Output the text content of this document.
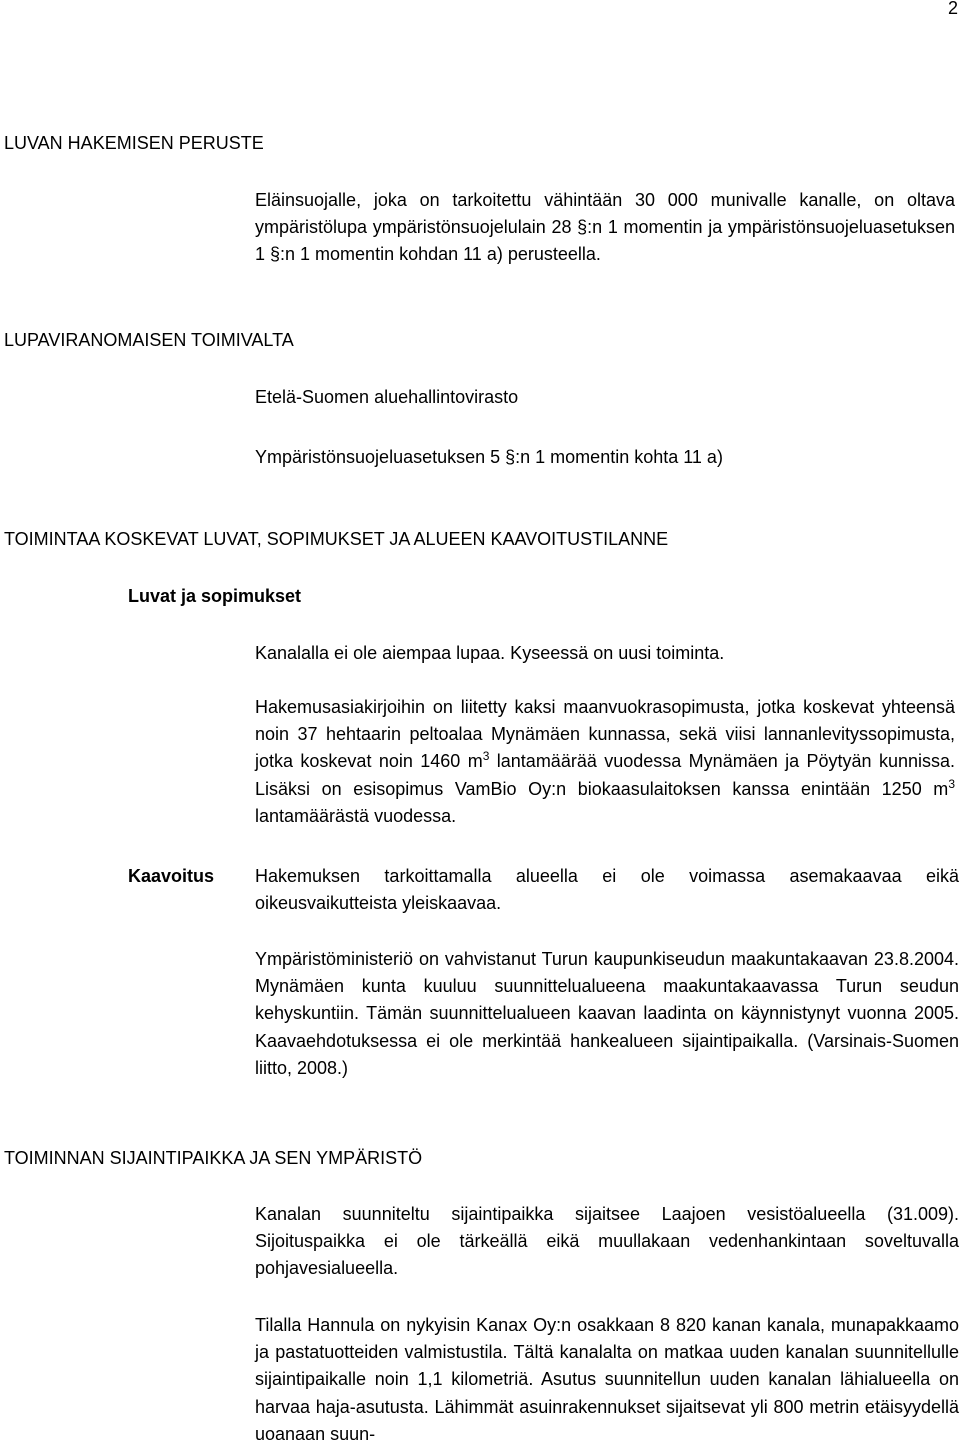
2
LUVAN HAKEMISEN PERUSTE

Eläinsuojalle, joka on tarkoitettu vähintään 30 000 munivalle kanalle, on oltava ympäristölupa ympäristönsuojelulain 28 §:n 1 momentin ja ympäristönsuojeluasetuksen 1 §:n 1 momentin kohdan 11 a) perusteella.

LUPAVIRANOMAISEN TOIMIVALTA

Etelä-Suomen aluehallintovirasto

Ympäristönsuojeluasetuksen 5 §:n 1 momentin kohta 11 a)

TOIMINTAA KOSKEVAT LUVAT, SOPIMUKSET JA ALUEEN KAAVOITUSTILANNE
Luvat ja sopimukset

Kanalalla ei ole aiempaa lupaa. Kyseessä on uusi toiminta.

Hakemusasiakirjoihin on liitetty kaksi maanvuokrasopimusta, jotka koskevat yhteensä noin 37 hehtaarin peltoalaa Mynämäen kunnassa, sekä viisi lannanlevityssopimusta, jotka koskevat noin 1460 $m^3$ lantamäärää vuodessa Mynämäen ja Pöytyän kunnissa. Lisäksi on esisopimus VamBio Oy:n biokaasulaitoksen kanssa enintään 1250 $m^3$ lantamäärästä vuodessa.

Kaavoitus Hakemuksen tarkoittamalla alueella ei ole voimassa asemakaavaa eikä oikeusvaikutteista yleiskaavaa.

Ympäristöministeriö on vahvistanut Turun kaupunkiseudun maakuntakaavan 23.8.2004. Mynämäen kunta kuuluu suunnittelualueena maakuntakaavassa Turun seudun kehyskuntiin. Tämän suunnittelualueen kaavan laadinta on käynnistynyt vuonna 2005. Kaavaehdotuksessa ei ole merkintää hankealueen sijaintipaikalla. (Varsinais-Suomen liitto, 2008.)

TOIMINNAN SIJAINTIPAIKKA JA SEN YMPÄRISTÖ

Kanalan suunniteltu sijaintipaikka sijaitsee Laajoen vesistöalueella (31.009). Sijoituspaikka ei ole tärkeällä eikä muullakaan vedenhankintaan soveltuvalla pohjavesialueella.

Tilalla Hannula on nykyisin Kanax Oy:n osakkaan 8 820 kanan kanala, munapakkaamo ja pastatuotteiden valmistustila. Tältä kanalalta on matkaa uuden kanalan suunnitellulle sijaintipaikalle noin 1,1 kilometriä. Asutus suunnitellun uuden kanalan lähialueella on harvaa haja-asutusta. Lähimmät asuinrakennukset sijaitsevat yli 800 metrin etäisyydellä uoanaan suun-
